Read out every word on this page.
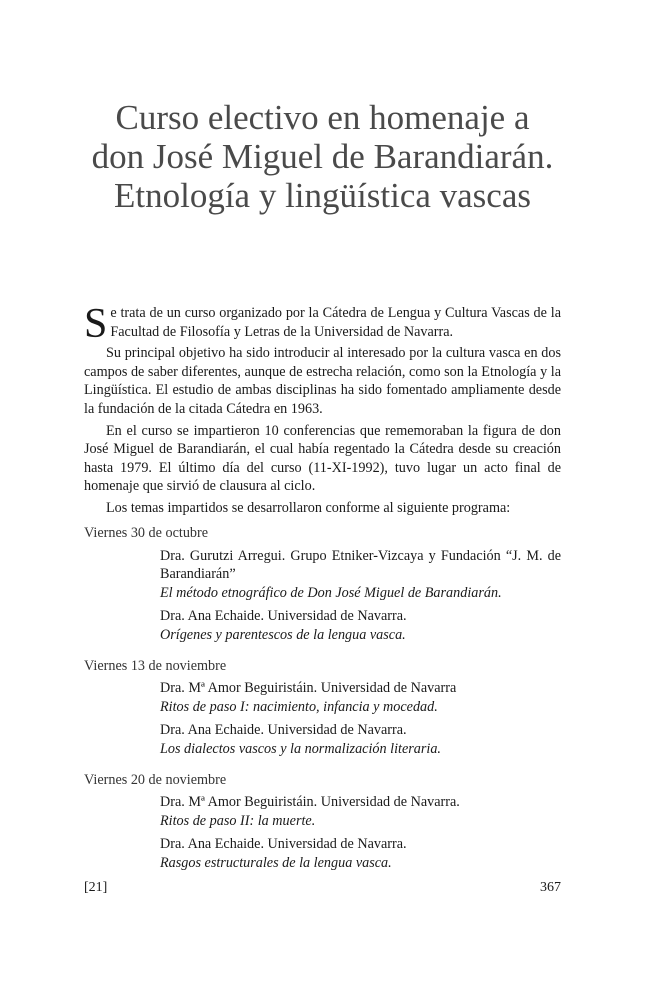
Curso electivo en homenaje a
don José Miguel de Barandiarán.
Etnología y lingüística vascas

Se trata de un curso organizado por la Cátedra de Lengua y Cultura Vascas de la Facultad de Filosofía y Letras de la Universidad de Navarra.

Su principal objetivo ha sido introducir al interesado por la cultura vasca en dos campos de saber diferentes, aunque de estrecha relación, como son la Etnología y la Lingüística. El estudio de ambas disciplinas ha sido fomentado ampliamente desde la fundación de la citada Cátedra en 1963.

En el curso se impartieron 10 conferencias que rememoraban la figura de don José Miguel de Barandiarán, el cual había regentado la Cátedra desde su creación hasta 1979. El último día del curso (11-XI-1992), tuvo lugar un acto final de homenaje que sirvió de clausura al ciclo.

Los temas impartidos se desarrollaron conforme al siguiente programa:

Viernes 30 de octubre
Dra. Gurutzi Arregui. Grupo Etniker-Vizcaya y Fundación “J. M. de Barandiarán”
El método etnográfico de Don José Miguel de Barandiarán.
Dra. Ana Echaide. Universidad de Navarra.
Orígenes y parentescos de la lengua vasca.
Viernes 13 de noviembre
Dra. Mª Amor Beguiristáin. Universidad de Navarra
Ritos de paso I: nacimiento, infancia y mocedad.
Dra. Ana Echaide. Universidad de Navarra.
Los dialectos vascos y la normalización literaria.
Viernes 20 de noviembre
Dra. Mª Amor Beguiristáin. Universidad de Navarra.
Ritos de paso II: la muerte.
Dra. Ana Echaide. Universidad de Navarra.
Rasgos estructurales de la lengua vasca.
[21]	367
